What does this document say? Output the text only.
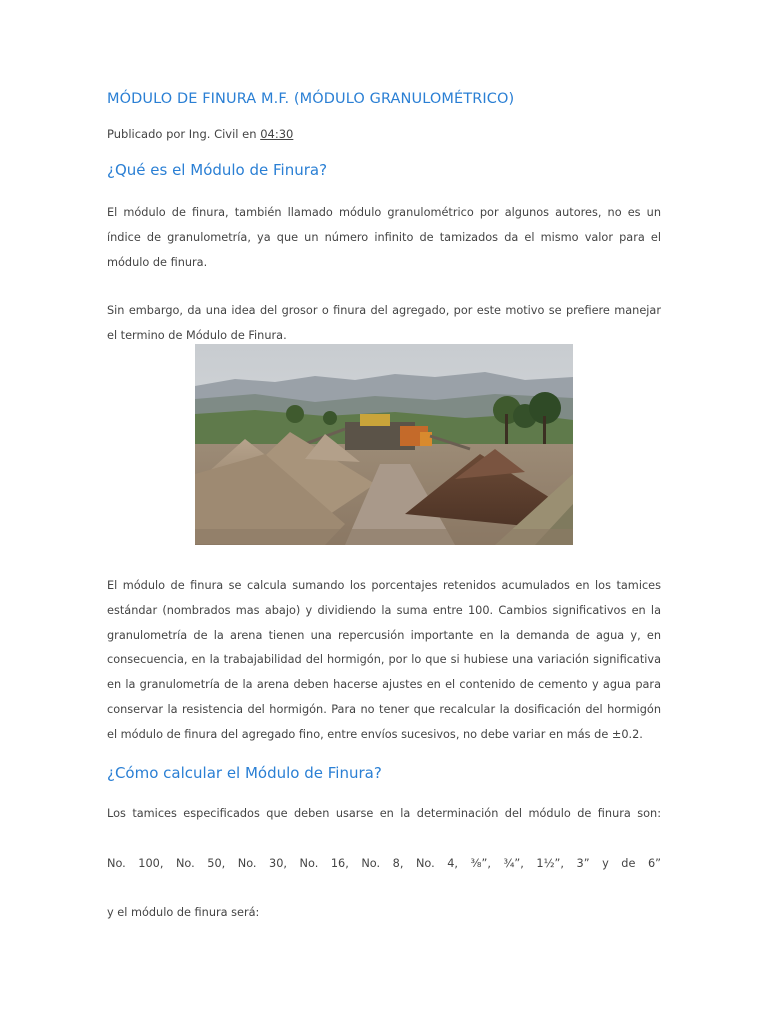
MÓDULO DE FINURA M.F. (MÓDULO GRANULOMÉTRICO)
Publicado por Ing. Civil en 04:30
¿Qué es el Módulo de Finura?

El módulo de finura, también llamado módulo granulométrico por algunos autores, no es un índice de granulometría, ya que un número infinito de tamizados da el mismo valor para el módulo de finura.

Sin embargo, da una idea del grosor o finura del agregado, por este motivo se prefiere manejar el termino de Módulo de Finura.

El módulo de finura se calcula sumando los porcentajes retenidos acumulados en los tamices estándar (nombrados mas abajo) y dividiendo la suma entre 100. Cambios significativos en la granulometría de la arena tienen una repercusión importante en la demanda de agua y, en consecuencia, en la trabajabilidad del hormigón, por lo que si hubiese una variación significativa en la granulometría de la arena deben hacerse ajustes en el contenido de cemento y agua para conservar la resistencia del hormigón. Para no tener que recalcular la dosificación del hormigón el módulo de finura del agregado fino, entre envíos sucesivos, no debe variar en más de ±0.2.

¿Cómo calcular el Módulo de Finura?

Los tamices especificados que deben usarse en la determinación del módulo de finura son:

No. 100, No. 50, No. 30, No. 16, No. 8, No. 4, ⅜”, ¾”, 1½”, 3” y de 6”

y el módulo de finura será:
